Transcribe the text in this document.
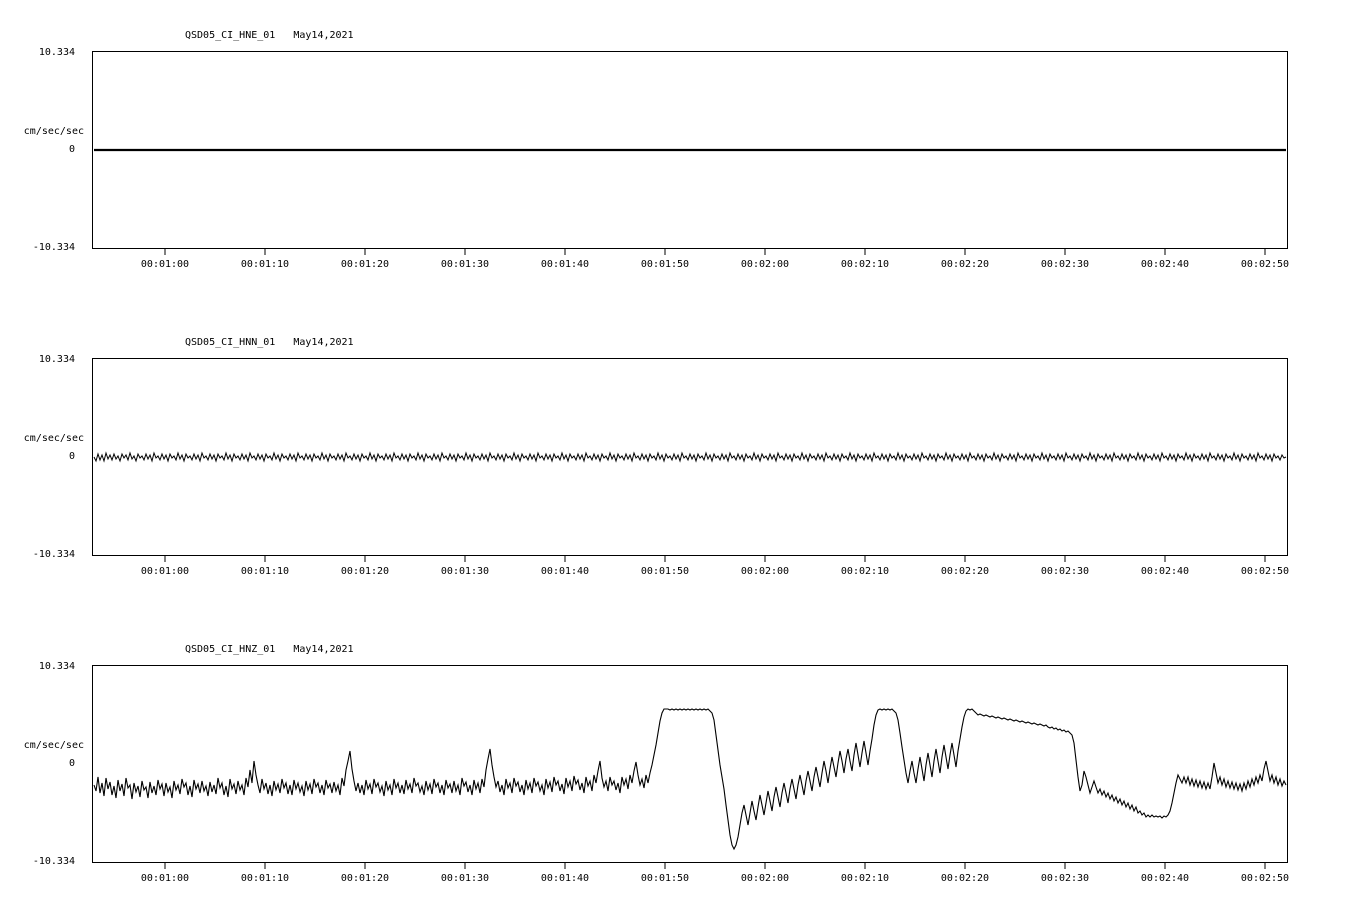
cm/sec/sec
QSD05_CI_HNE_01   May14,2021
10.334
0
-10.334
00:01:00	00:01:10	00:01:20	00:01:30	00:01:40	00:01:50	00:02:00	00:02:10	00:02:20	00:02:30	00:02:40	00:02:50
cm/sec/sec
QSD05_CI_HNN_01   May14,2021
10.334
0
-10.334
00:01:00	00:01:10	00:01:20	00:01:30	00:01:40	00:01:50	00:02:00	00:02:10	00:02:20	00:02:30	00:02:40	00:02:50
cm/sec/sec
QSD05_CI_HNZ_01   May14,2021
10.334
0
-10.334
00:01:00	00:01:10	00:01:20	00:01:30	00:01:40	00:01:50	00:02:00	00:02:10	00:02:20	00:02:30	00:02:40	00:02:50
